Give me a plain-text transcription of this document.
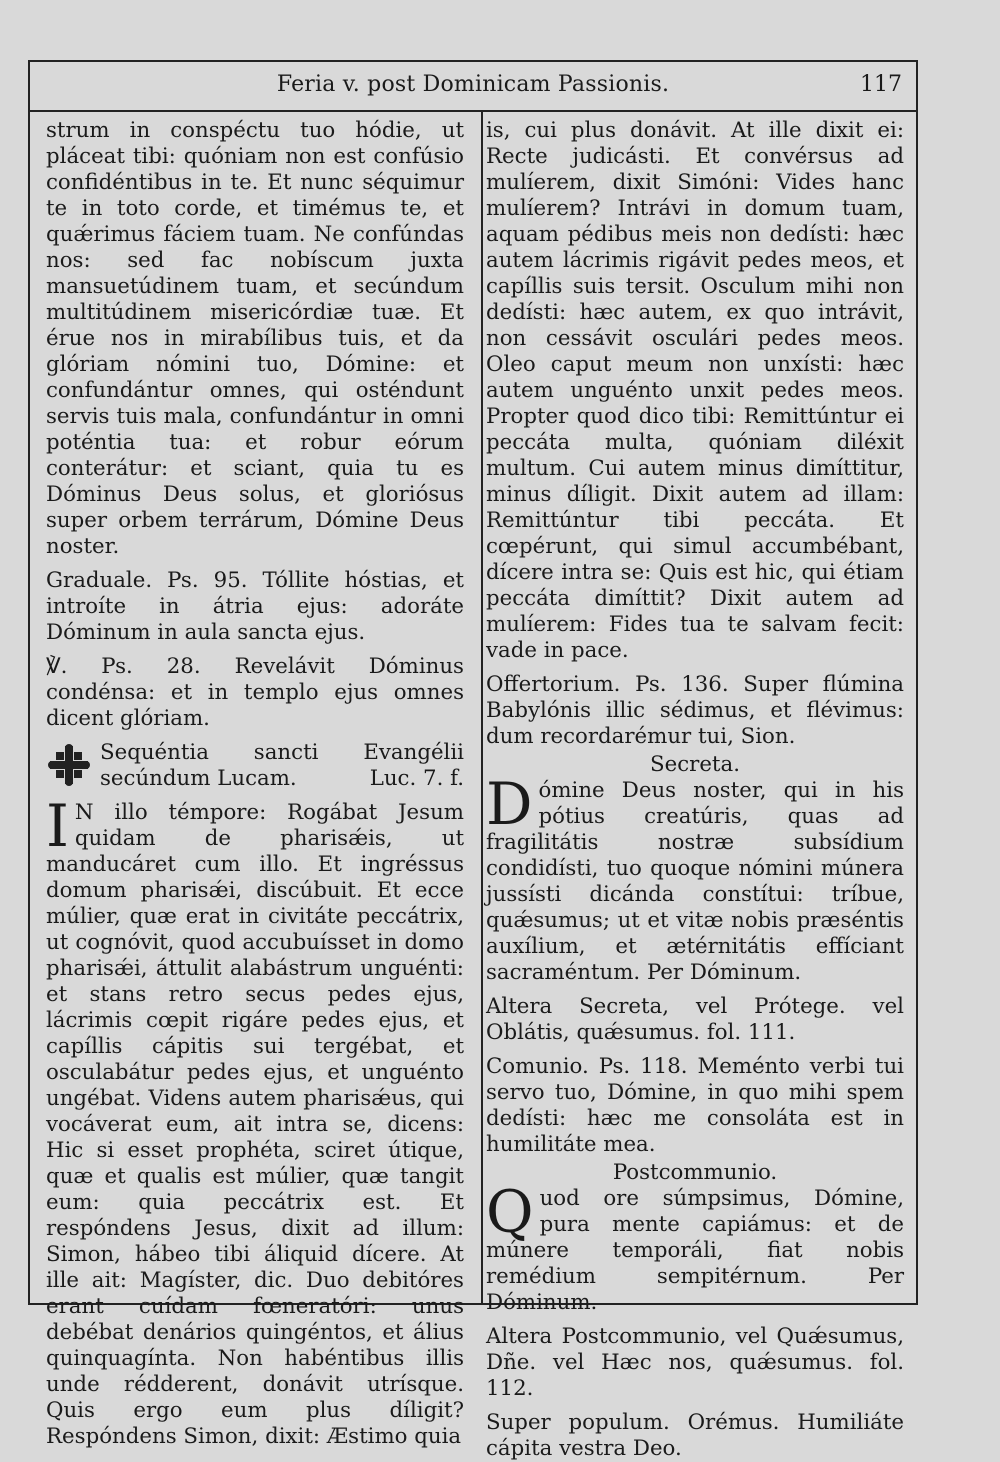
Feria v. post Dominicam Passionis.	117

strum in conspéctu tuo hódie, ut pláceat tibi: quóniam non est confúsio confidéntibus in te. Et nunc séquimur te in toto corde, et timémus te, et quǽrimus fáciem tuam. Ne confúndas nos: sed fac nobíscum juxta mansuetúdinem tuam, et secúndum multitúdinem misericórdiæ tuæ. Et érue nos in mirabílibus tuis, et da glóriam nómini tuo, Dómine: et confundántur omnes, qui osténdunt servis tuis mala, confundántur in omni poténtia tua: et robur eórum conterátur: et sciant, quia tu es Dóminus Deus solus, et gloriósus super orbem terrárum, Dómine Deus noster.

Graduale. Ps. 95. Tóllite hóstias, et introíte in átria ejus: adoráte Dóminum in aula sancta ejus.

℣. Ps. 28. Revelávit Dóminus condénsa: et in templo ejus omnes dicent glóriam.

Sequéntia sancti Evangélii secúndum Lucam.	Luc. 7. f.

I N illo témpore: Rogábat Jesum quidam de pharisǽis, ut manducáret cum illo. Et ingréssus domum pharisǽi, discúbuit. Et ecce múlier, quæ erat in civitáte peccátrix, ut cognóvit, quod accubuísset in domo pharisǽi, áttulit alabástrum unguénti: et stans retro secus pedes ejus, lácrimis cœpit rigáre pedes ejus, et capíllis cápitis sui tergébat, et osculabátur pedes ejus, et unguénto ungébat. Videns autem pharisǽus, qui vocáverat eum, ait intra se, dicens: Hic si esset prophéta, sciret útique, quæ et qualis est múlier, quæ tangit eum: quia peccátrix est. Et respóndens Jesus, dixit ad illum: Simon, hábeo tibi áliquid dícere. At ille ait: Magíster, dic. Duo debitóres erant cuídam fœneratóri: unus debébat denários quingéntos, et álius quinquagínta. Non habéntibus illis unde rédderent, donávit utrísque. Quis ergo eum plus díligit? Respóndens Simon, dixit: Æstimo quia

is, cui plus donávit. At ille dixit ei: Recte judicásti. Et convérsus ad mulíerem, dixit Simóni: Vides hanc mulíerem? Intrávi in domum tuam, aquam pédibus meis non dedísti: hæc autem lácrimis rigávit pedes meos, et capíllis suis tersit. Osculum mihi non dedísti: hæc autem, ex quo intrávit, non cessávit osculári pedes meos. Oleo caput meum non unxísti: hæc autem unguénto unxit pedes meos. Propter quod dico tibi: Remittúntur ei peccáta multa, quóniam diléxit multum. Cui autem minus dimíttitur, minus díligit. Dixit autem ad illam: Remittúntur tibi peccáta. Et cœpérunt, qui simul accumbébant, dícere intra se: Quis est hic, qui étiam peccáta dimíttit? Dixit autem ad mulíerem: Fides tua te salvam fecit: vade in pace.

Offertorium. Ps. 136. Super flúmina Babylónis illic sédimus, et flévimus: dum recordarémur tui, Sion.

Secreta.

Dómine Deus noster, qui in his pótius creatúris, quas ad fragilitátis nostræ subsídium condidísti, tuo quoque nómini múnera jussísti dicánda constítui: tríbue, quǽsumus; ut et vitæ nobis præséntis auxílium, et ætérnitátis effíciant sacraméntum. Per Dóminum.

Altera Secreta, vel Prótege. vel Oblátis, quǽsumus. fol. 111.

Comunio. Ps. 118. Meménto verbi tui servo tuo, Dómine, in quo mihi spem dedísti: hæc me consoláta est in humilitáte mea.

Postcommunio.

Quod ore súmpsimus, Dómine, pura mente capiámus: et de múnere temporáli, fiat nobis remédium sempitérnum. Per Dóminum.

Altera Postcommunio, vel Quǽsumus, Dñe. vel Hæc nos, quǽsumus. fol. 112.

Super populum. Orémus. Humiliáte cápita vestra Deo.
